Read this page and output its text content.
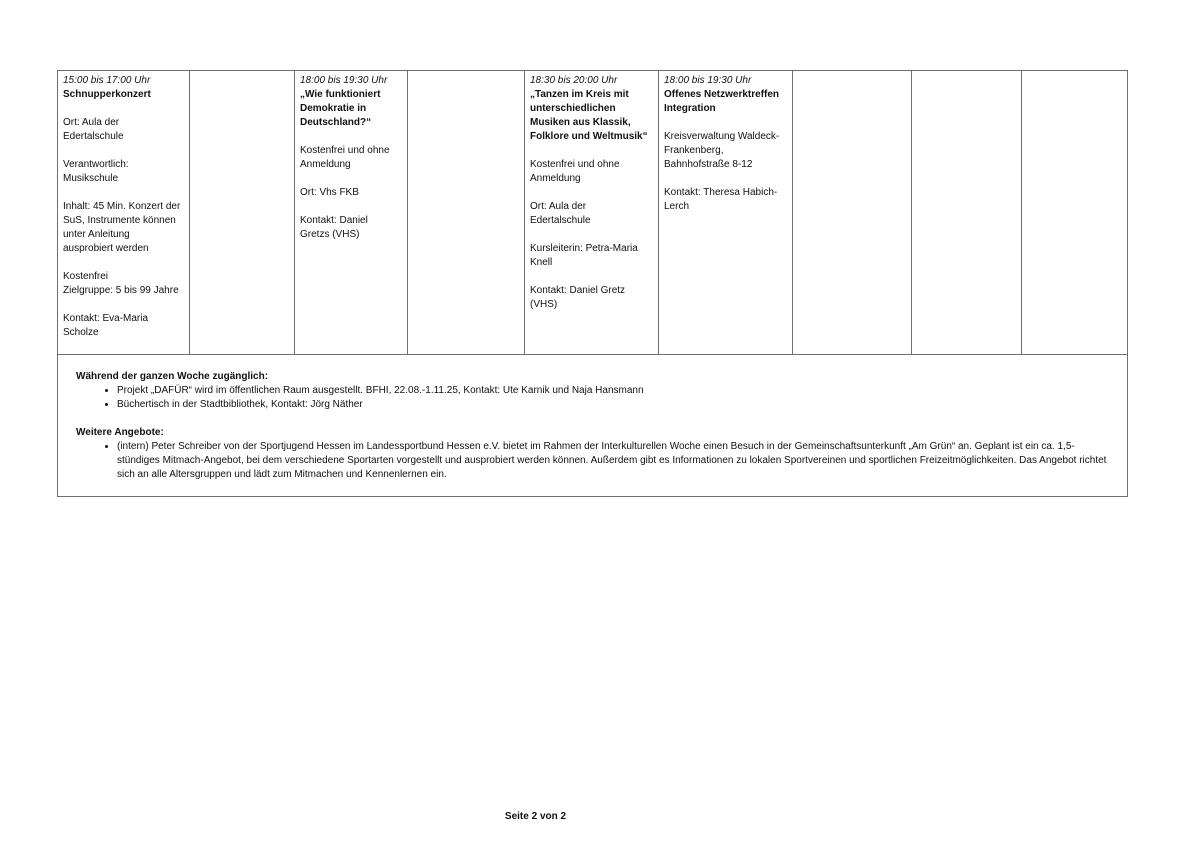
15:00 bis 17:00 Uhr
Schnupperkonzert
Ort: Aula der
Edertalschule
Verantwortlich:
Musikschule
Inhalt: 45 Min. Konzert der
SuS, Instrumente können
unter Anleitung
ausprobiert werden
Kostenfrei
Zielgruppe: 5 bis 99 Jahre
Kontakt: Eva-Maria
Scholze
18:00 bis 19:30 Uhr
„Wie funktioniert
Demokratie in
Deutschland?“
Kostenfrei und ohne
Anmeldung
Ort: Vhs FKB
Kontakt: Daniel
Gretzs (VHS)
18:30 bis 20:00 Uhr
„Tanzen im Kreis mit
unterschiedlichen
Musiken aus Klassik,
Folklore und Weltmusik“
Kostenfrei und ohne
Anmeldung
Ort: Aula der
Edertalschule
Kursleiterin: Petra-Maria
Knell
Kontakt: Daniel Gretz
(VHS)
18:00 bis 19:30 Uhr
Offenes Netzwerktreffen
Integration
Kreisverwaltung Waldeck-
Frankenberg,
Bahnhofstraße 8-12
Kontakt: Theresa Habich-
Lerch
Während der ganzen Woche zugänglich:
• Projekt „DAFÜR“ wird im öffentlichen Raum ausgestellt. BFHI, 22.08.-1.11.25, Kontakt: Ute Karnik und Naja Hansmann
• Büchertisch in der Stadtbibliothek, Kontakt: Jörg Näther
Weitere Angebote:
• (intern) Peter Schreiber von der Sportjugend Hessen im Landessportbund Hessen e.V. bietet im Rahmen der Interkulturellen Woche einen Besuch in der Gemeinschaftsunterkunft „Am Grün“ an. Geplant ist ein ca. 1,5-stündiges Mitmach-Angebot, bei dem verschiedene Sportarten vorgestellt und ausprobiert werden können. Außerdem gibt es Informationen zu lokalen Sportvereinen und sportlichen Freizeitmöglichkeiten. Das Angebot richtet sich an alle Altersgruppen und lädt zum Mitmachen und Kennenlernen ein.
Seite 2 von 2
